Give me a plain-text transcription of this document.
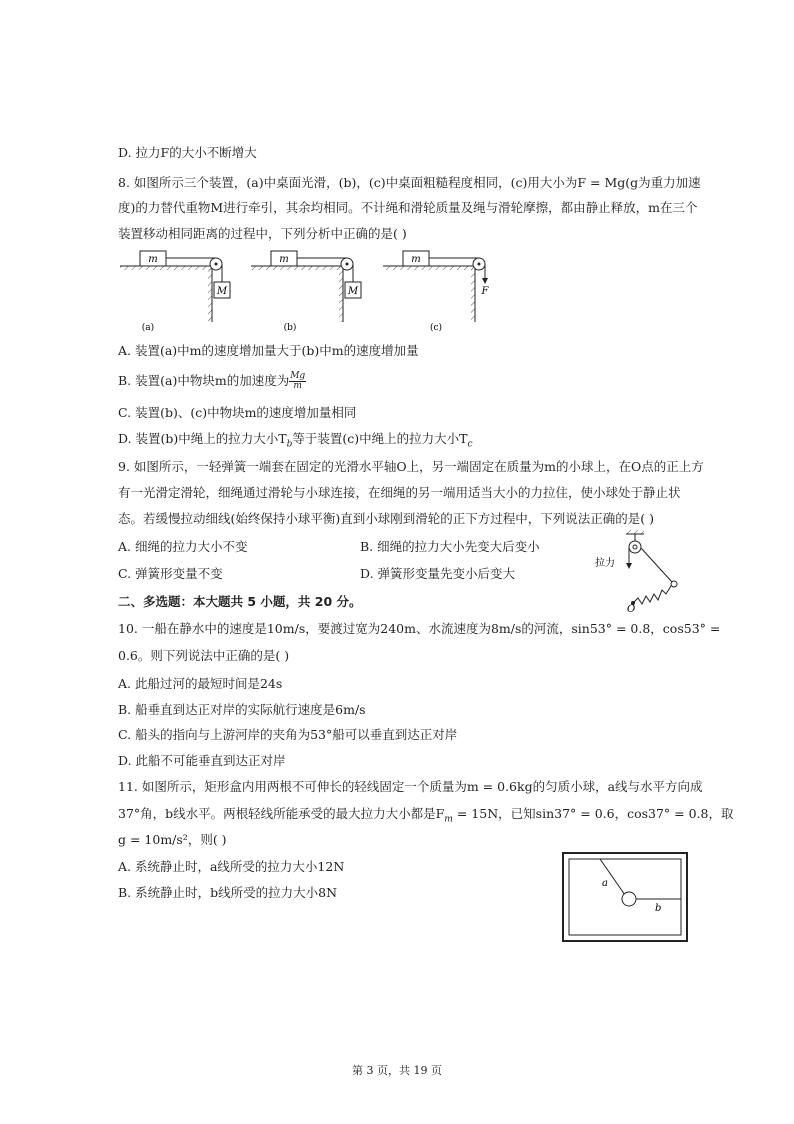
D. 拉力F的大小不断增大
8. 如图所示三个装置，(a)中桌面光滑，(b)，(c)中桌面粗糙程度相同，(c)用大小为F = Mg(g为重力加速
度)的力替代重物M进行牵引，其余均相同。不计绳和滑轮质量及绳与滑轮摩擦，都由静止释放，m在三个
装置移动相同距离的过程中，下列分析中正确的是( )
m
M
(a)
m
M
(b)
m
F
(c)
A. 装置(a)中m的速度增加量大于(b)中m的速度增加量
B. 装置(a)中物块m的加速度为 $\frac{Mg}{m}$
C. 装置(b)、(c)中物块m的速度增加量相同
D. 装置(b)中绳上的拉力大小$T_b$等于装置(c)中绳上的拉力大小$T_c$
9. 如图所示，一轻弹簧一端套在固定的光滑水平轴O上，另一端固定在质量为m的小球上，在O点的正上方
有一光滑定滑轮，细绳通过滑轮与小球连接，在细绳的另一端用适当大小的力拉住，使小球处于静止状
态。若缓慢拉动细线(始终保持小球平衡)直到小球刚到滑轮的正下方过程中，下列说法正确的是( )
A. 细绳的拉力大小不变	B. 细绳的拉力大小先变大后变小
C. 弹簧形变量不变	D. 弹簧形变量先变小后变大
拉力
O
二、多选题：本大题共 5 小题，共 20 分。
10. 一船在静水中的速度是10m/s，要渡过宽为240m、水流速度为8m/s的河流，sin53° = 0.8，cos53° =
0.6。则下列说法中正确的是( )
A. 此船过河的最短时间是24s
B. 船垂直到达正对岸的实际航行速度是6m/s
C. 船头的指向与上游河岸的夹角为53°船可以垂直到达正对岸
D. 此船不可能垂直到达正对岸
11. 如图所示，矩形盒内用两根不可伸长的轻线固定一个质量为m = 0.6kg的匀质小球，a线与水平方向成
37°角，b线水平。两根轻线所能承受的最大拉力大小都是$F_m = 15N$，已知sin37° = 0.6，cos37° = 0.8，取
g = 10m/s²，则( )
A. 系统静止时，a线所受的拉力大小12N
B. 系统静止时，b线所受的拉力大小8N
a
b
第 3 页，共 19 页
